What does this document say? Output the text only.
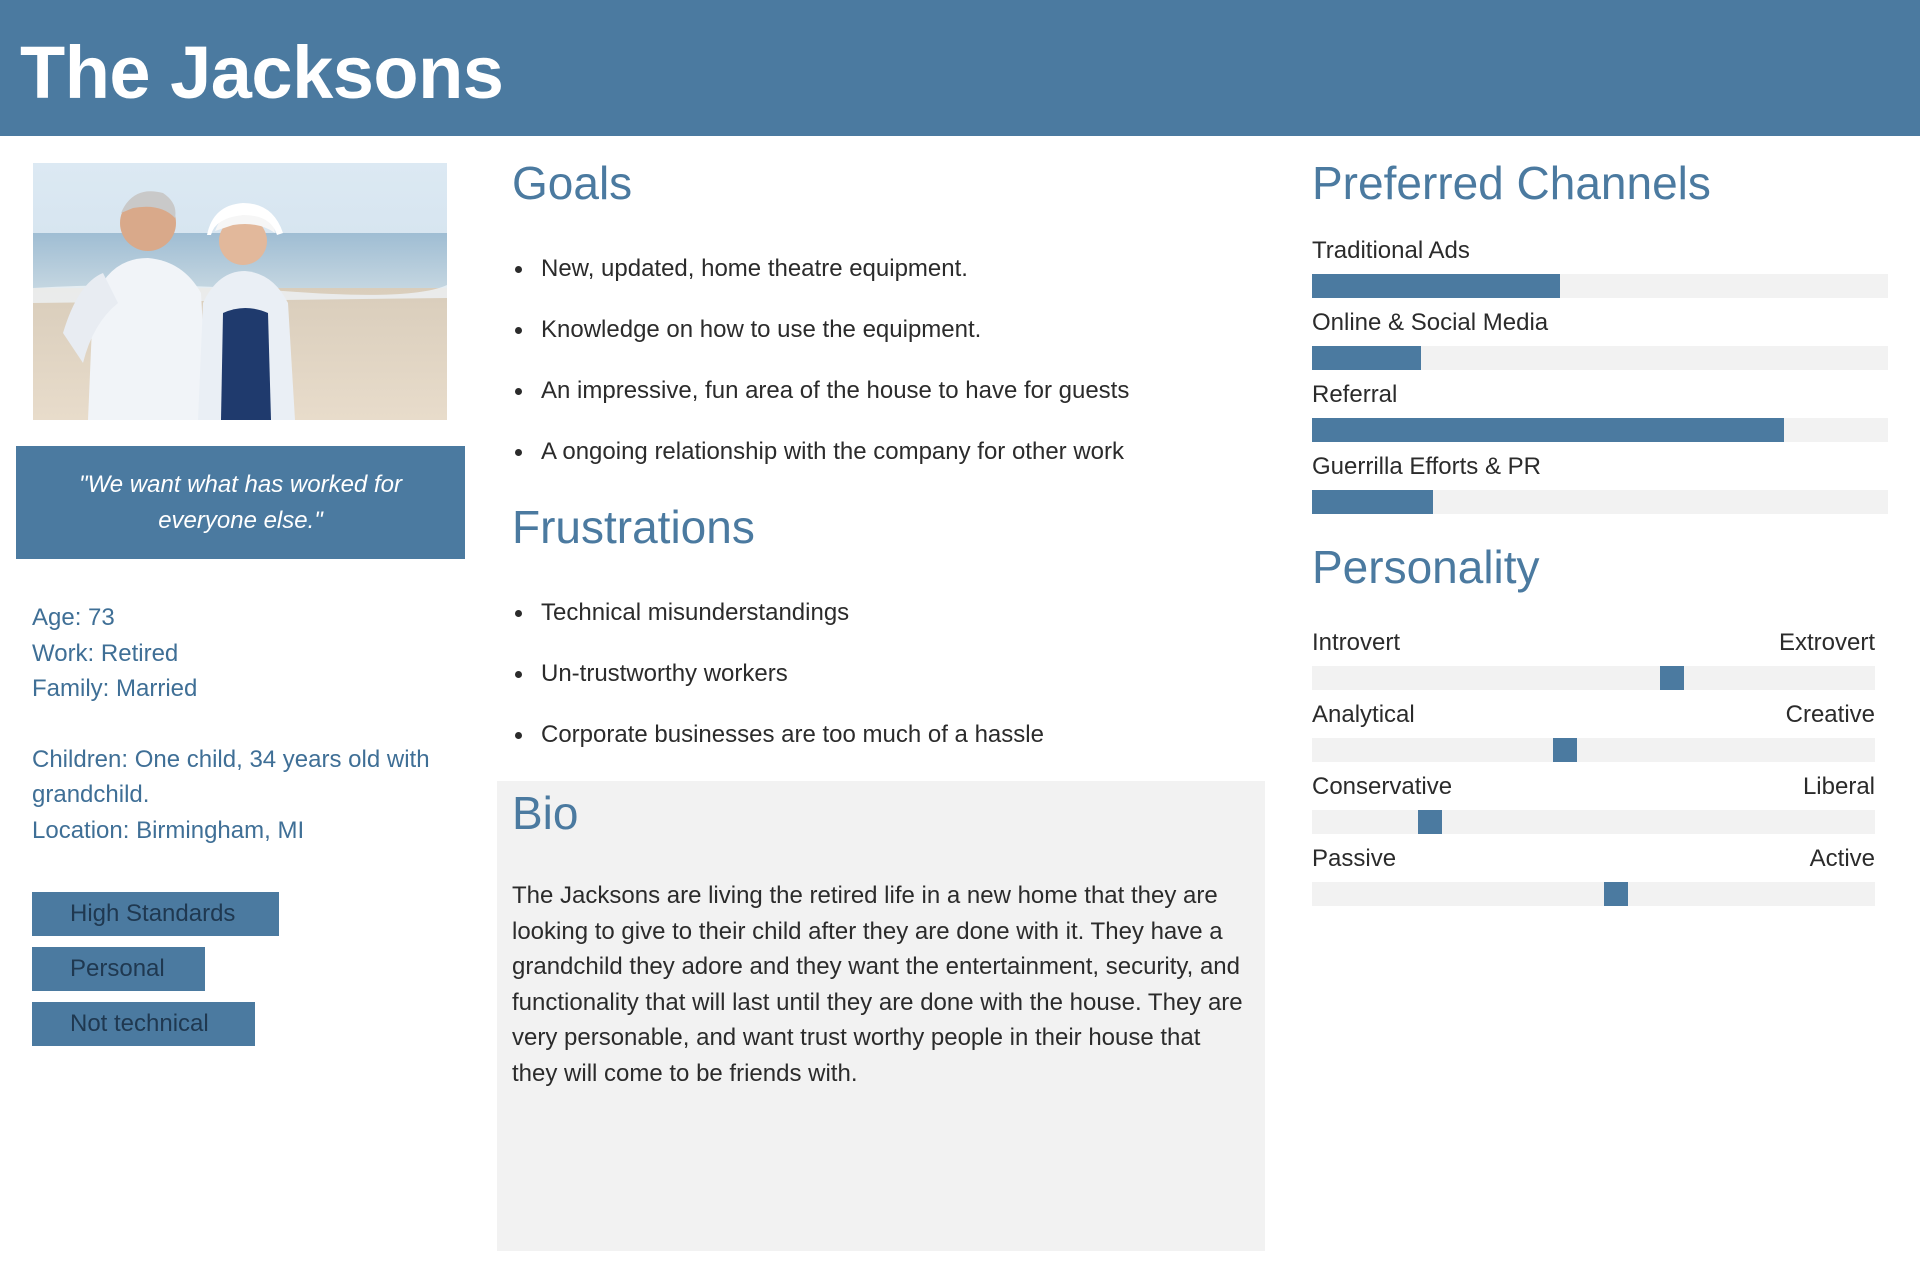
The Jacksons
"We want what has worked for everyone else."
Age: 73
Work: Retired
Family: Married
Children: One child, 34 years old with grandchild.
Location: Birmingham, MI
High Standards
Personal
Not technical
Goals
New, updated, home theatre equipment.
Knowledge on how to use the equipment.
An impressive, fun area of the house to have for guests
A ongoing relationship with the company for other work
Frustrations
Technical misunderstandings
Un-trustworthy workers
Corporate businesses are too much of a hassle
Bio
The Jacksons are living the retired life in a new home that they are looking to give to their child after they are done with it. They have a grandchild they adore and they want the entertainment, security, and functionality that will last until they are done with the house. They are very personable, and want trust worthy people in their house that they will come to be friends with.
Preferred Channels
Traditional Ads
Online & Social Media
Referral
Guerrilla Efforts & PR
Personality
Introvert	Extrovert
Analytical	Creative
Conservative	Liberal
Passive	Active
